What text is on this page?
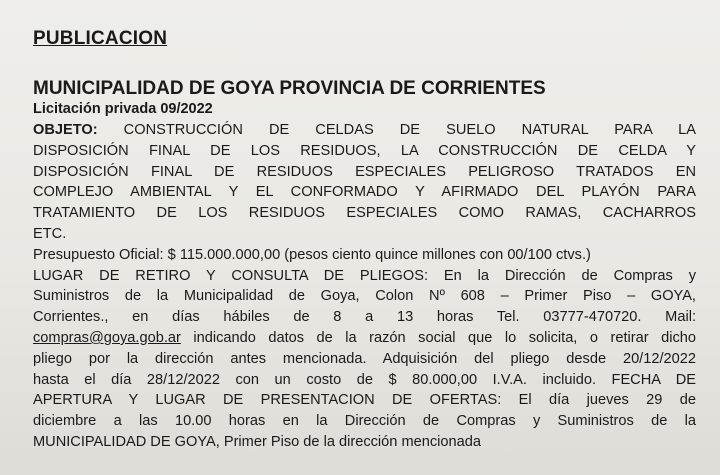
PUBLICACION
MUNICIPALIDAD DE GOYA PROVINCIA DE CORRIENTES
Licitación privada 09/2022
OBJETO: CONSTRUCCIÓN DE CELDAS DE SUELO NATURAL PARA LA
DISPOSICIÓN FINAL DE LOS RESIDUOS, LA CONSTRUCCIÓN DE CELDA Y
DISPOSICIÓN FINAL DE RESIDUOS ESPECIALES PELIGROSO TRATADOS EN
COMPLEJO AMBIENTAL Y EL CONFORMADO Y AFIRMADO DEL PLAYÓN PARA
TRATAMIENTO DE LOS RESIDUOS ESPECIALES COMO RAMAS, CACHARROS
ETC.
Presupuesto Oficial: $ 115.000.000,00 (pesos ciento quince millones con 00/100 ctvs.)
LUGAR DE RETIRO Y CONSULTA DE PLIEGOS: En la Dirección de Compras y
Suministros de la Municipalidad de Goya, Colon Nº 608 – Primer Piso – GOYA,
Corrientes., en días hábiles de 8 a 13 horas Tel. 03777-470720. Mail:
compras@goya.gob.ar indicando datos de la razón social que lo solicita, o retirar dicho
pliego por la dirección antes mencionada. Adquisición del pliego desde 20/12/2022
hasta el día 28/12/2022 con un costo de $ 80.000,00 I.V.A. incluido. FECHA DE
APERTURA Y LUGAR DE PRESENTACION DE OFERTAS: El día jueves 29 de
diciembre a las 10.00 horas en la Dirección de Compras y Suministros de la
MUNICIPALIDAD DE GOYA, Primer Piso de la dirección mencionada
